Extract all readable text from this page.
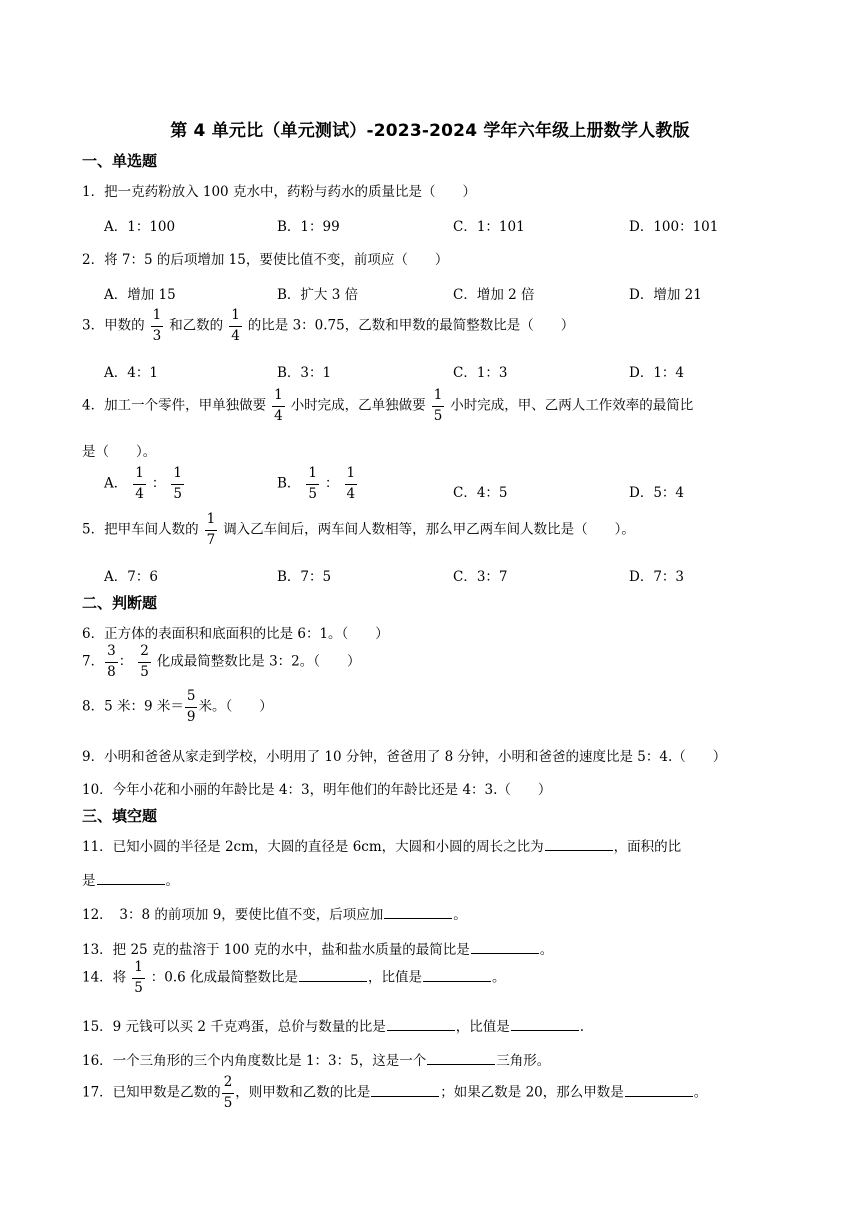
第 4 单元比（单元测试）-2023-2024 学年六年级上册数学人教版
一、单选题
1．把一克药粉放入 100 克水中，药粉与药水的质量比是（　　）
A．1：100	B．1：99	C．1：101	D．100：101
2．将 7：5 的后项增加 15，要使比值不变，前项应（　　）
A．增加 15	B．扩大 3 倍	C．增加 2 倍	D．增加 21
3．甲数的 $\frac{1}{3}$ 和乙数的 $\frac{1}{4}$ 的比是 3：0.75，乙数和甲数的最简整数比是（　　）
A．4：1	B．3：1	C．1：3	D．1：4
4．加工一个零件，甲单独做要 $\frac{1}{4}$ 小时完成，乙单独做要 $\frac{1}{5}$ 小时完成，甲、乙两人工作效率的最简比
是（　　）。
A． $\frac{1}{4}$ ： $\frac{1}{5}$	B． $\frac{1}{5}$ ： $\frac{1}{4}$	C．4：5	D．5：4
5．把甲车间人数的 $\frac{1}{7}$ 调入乙车间后，两车间人数相等，那么甲乙两车间人数比是（　　）。
A．7：6	B．7：5	C．3：7	D．7：3
二、判断题
6．正方体的表面积和底面积的比是 6：1。（　　）
7． $\frac{3}{8}$ ： $\frac{2}{5}$ 化成最简整数比是 3：2。（　　）
8．5 米：9 米＝ $\frac{5}{9}$ 米。（　　）
9．小明和爸爸从家走到学校，小明用了 10 分钟，爸爸用了 8 分钟，小明和爸爸的速度比是 5：4.（　　）
10．今年小花和小丽的年龄比是 4：3，明年他们的年龄比还是 4：3.（　　）
三、填空题
11．已知小圆的半径是 2cm，大圆的直径是 6cm，大圆和小圆的周长之比为	，面积的比
是	。
12．　3：8 的前项加 9，要使比值不变，后项应加	。
13．把 25 克的盐溶于 100 克的水中，盐和盐水质量的最简比是	。
14．将 $\frac{1}{5}$ ：0.6 化成最简整数比是	，比值是	。
15．9 元钱可以买 2 千克鸡蛋，总价与数量的比是	，比值是	.
16．一个三角形的三个内角度数比是 1：3：5，这是一个	三角形。
17．已知甲数是乙数的 $\frac{2}{5}$ ，则甲数和乙数的比是	；如果乙数是 20，那么甲数是	。
